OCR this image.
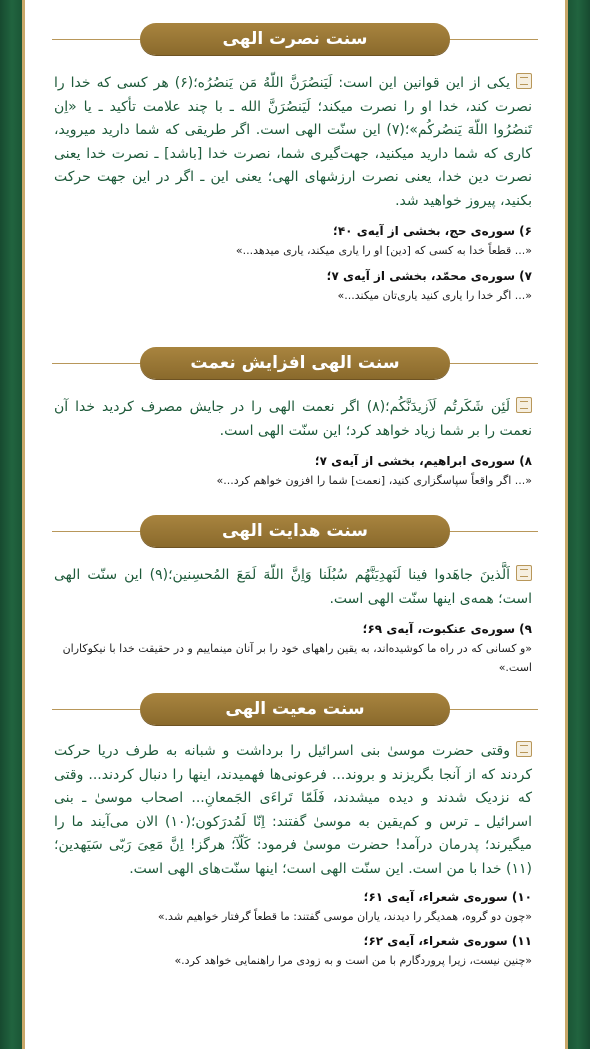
سنت نصرت الهی

یکی از این قوانین این است: لَیَنصُرَنَّ اللّهُ مَن یَنصُرُه؛(۶) هر کسی که خدا را نصرت کند، خدا او را نصرت میکند؛ لَیَنصُرَنَّ الله ـ با چند علامت تأکید ـ یا «اِن تَنصُرُوا اللّهَ یَنصُرکُم»؛(۷) این سنّت الهی است. اگر طریقی که شما دارید میروید، کاری که شما دارید میکنید، جهت‌گیری شما، نصرت خدا [باشد] ـ نصرت خدا یعنی نصرت دین خدا، یعنی نصرت ارزشهای الهی؛ یعنی این ـ اگر در این جهت حرکت بکنید، پیروز خواهید شد.

۶) سوره‌ی حج، بخشی از آیه‌ی ۴۰؛
«... قطعاً خدا به کسی که [دین] او را یاری میکند، یاری میدهد...»
۷) سوره‌ی محمّد، بخشی از آیه‌ی ۷؛
«... اگر خدا را یاری کنید یاری‌تان میکند...»
سنت الهی افزایش نعمت

لَئِن شَکَرتُم لَاَزیدَنَّکُم؛(۸) اگر نعمت الهی را در جایش مصرف کردید خدا آن نعمت را بر شما زیاد خواهد کرد؛ این سنّت الهی است.

۸) سوره‌ی ابراهیم، بخشی از آیه‌ی ۷؛
«... اگر واقعاً سپاسگزاری کنید، [نعمت] شما را افزون خواهم کرد...»
سنت هدایت الهی

اَلَّذینَ جاهَدوا فینا لَنَهدِیَنَّهُم سُبُلَنا وَاِنَّ اللّهَ لَمَعَ المُحسِنین؛(۹) این سنّت الهی است؛ همه‌ی اینها سنّت الهی است.

۹) سوره‌ی عنکبوت، آیه‌ی ۶۹؛
«و کسانی که در راه ما کوشیده‌اند، به یقین راههای خود را بر آنان مینماییم و در حقیقت خدا با نیکوکاران است.»
سنت معیت الهی

وقتی حضرت موسیٰ بنی اسرائیل را برداشت و شبانه به طرف دریا حرکت کردند که از آنجا بگریزند و بروند... فرعونی‌ها فهمیدند، اینها را دنبال کردند... وقتی که نزدیک شدند و دیده میشدند، فَلَمّا تَراءَی الجَمعانِ... اصحاب موسیٰ ـ بنی اسرائیل ـ ترس و کم‌یقین به موسیٰ گفتند: اِنّا لَمُدرَکون؛(۱۰) الان می‌آیند ما را میگیرند؛ پدرمان درآمد! حضرت موسیٰ فرمود: کَلّآ؛ هرگز! اِنَّ مَعِیَ رَبّی سَیَهدین؛(۱۱) خدا با من است. این سنّت الهی است؛ اینها سنّت‌های الهی است.

۱۰) سوره‌ی شعراء، آیه‌ی ۶۱؛
«چون دو گروه، همدیگر را دیدند، یاران موسی گفتند: ما قطعاً گرفتار خواهیم شد.»
۱۱) سوره‌ی شعراء، آیه‌ی ۶۲؛
«چنین نیست، زیرا پروردگارم با من است و به زودی مرا راهنمایی خواهد کرد.»
